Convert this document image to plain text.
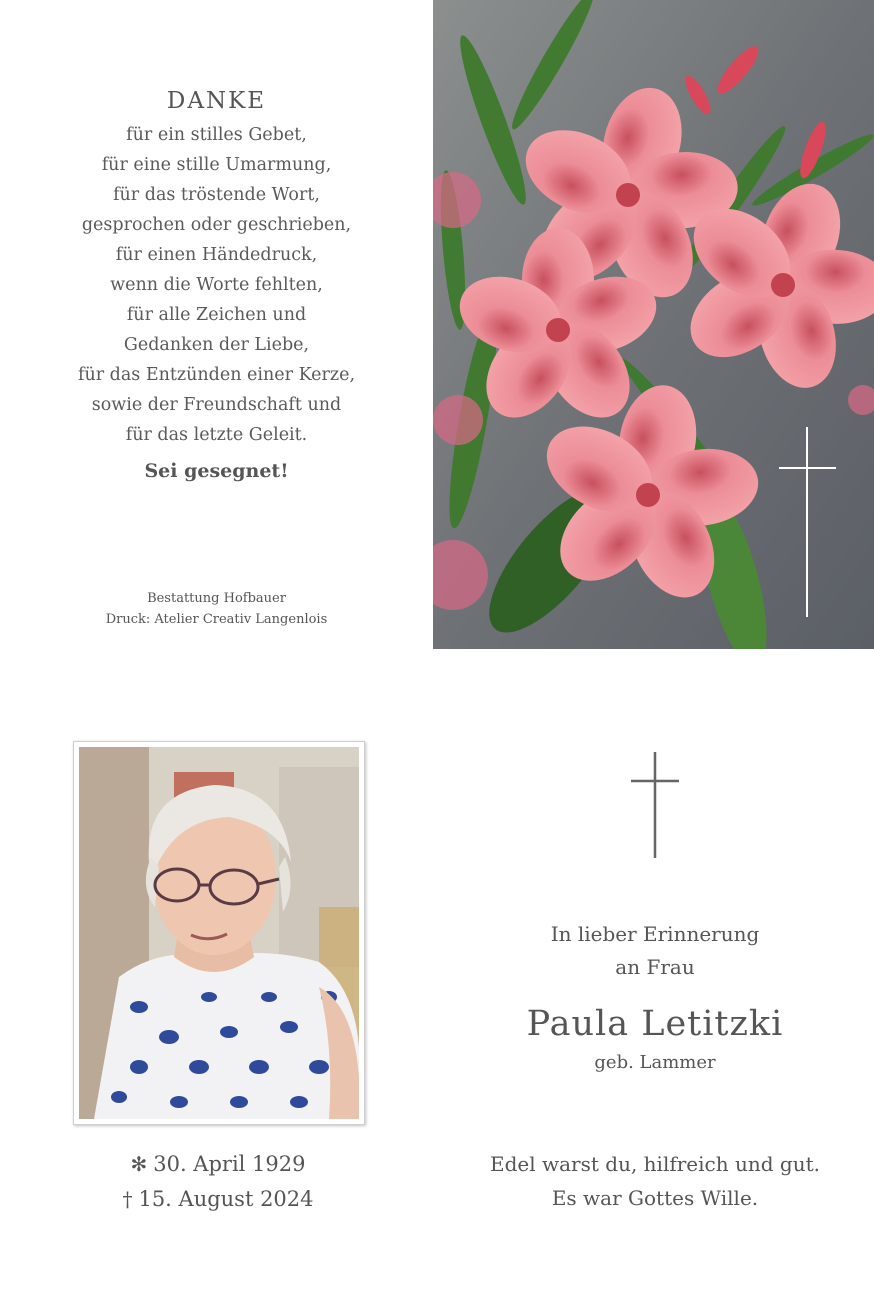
DANKE
für ein stilles Gebet,
für eine stille Umarmung,
für das tröstende Wort,
gesprochen oder geschrieben,
für einen Händedruck,
wenn die Worte fehlten,
für alle Zeichen und
Gedanken der Liebe,
für das Entzünden einer Kerze,
sowie der Freundschaft und
für das letzte Geleit.
Sei gesegnet!
Bestattung Hofbauer
Druck: Atelier Creativ Langenlois
✻ 30. April 1929
† 15. August 2024
In lieber Erinnerung
an Frau
Paula Letitzki
geb. Lammer
Edel warst du, hilfreich und gut.
Es war Gottes Wille.
